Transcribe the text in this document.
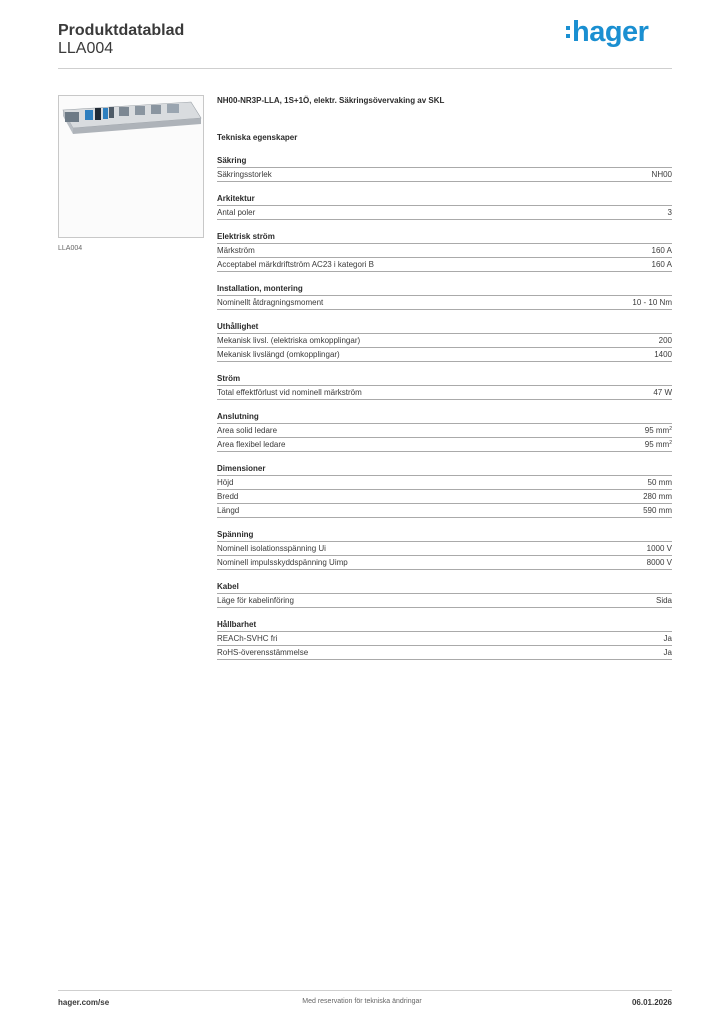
Produktdatablad
LLA004
hager
LLA004
NH00-NR3P-LLA, 1S+1Ö, elektr. Säkringsövervaking av SKL
Tekniska egenskaper
Säkring
Säkringsstorlek	NH00
Arkitektur
Antal poler	3
Elektrisk ström
Märkström	160 A
Acceptabel märkdriftström AC23 i kategori B	160 A
Installation, montering
Nominellt åtdragningsmoment	10 - 10 Nm
Uthållighet
Mekanisk livsl. (elektriska omkopplingar)	200
Mekanisk livslängd (omkopplingar)	1400
Ström
Total effektförlust vid nominell märkström	47 W
Anslutning
Area solid ledare	95 $mm^2$
Area flexibel ledare	95 $mm^2$
Dimensioner
Höjd	50 mm
Bredd	280 mm
Längd	590 mm
Spänning
Nominell isolationsspänning Ui	1000 V
Nominell impulsskyddspänning Uimp	8000 V
Kabel
Läge för kabelinföring	Sida
Hållbarhet
REACh-SVHC fri	Ja
RoHS-överensstämmelse	Ja
hager.com/se	Med reservation för tekniska ändringar	06.01.2026
